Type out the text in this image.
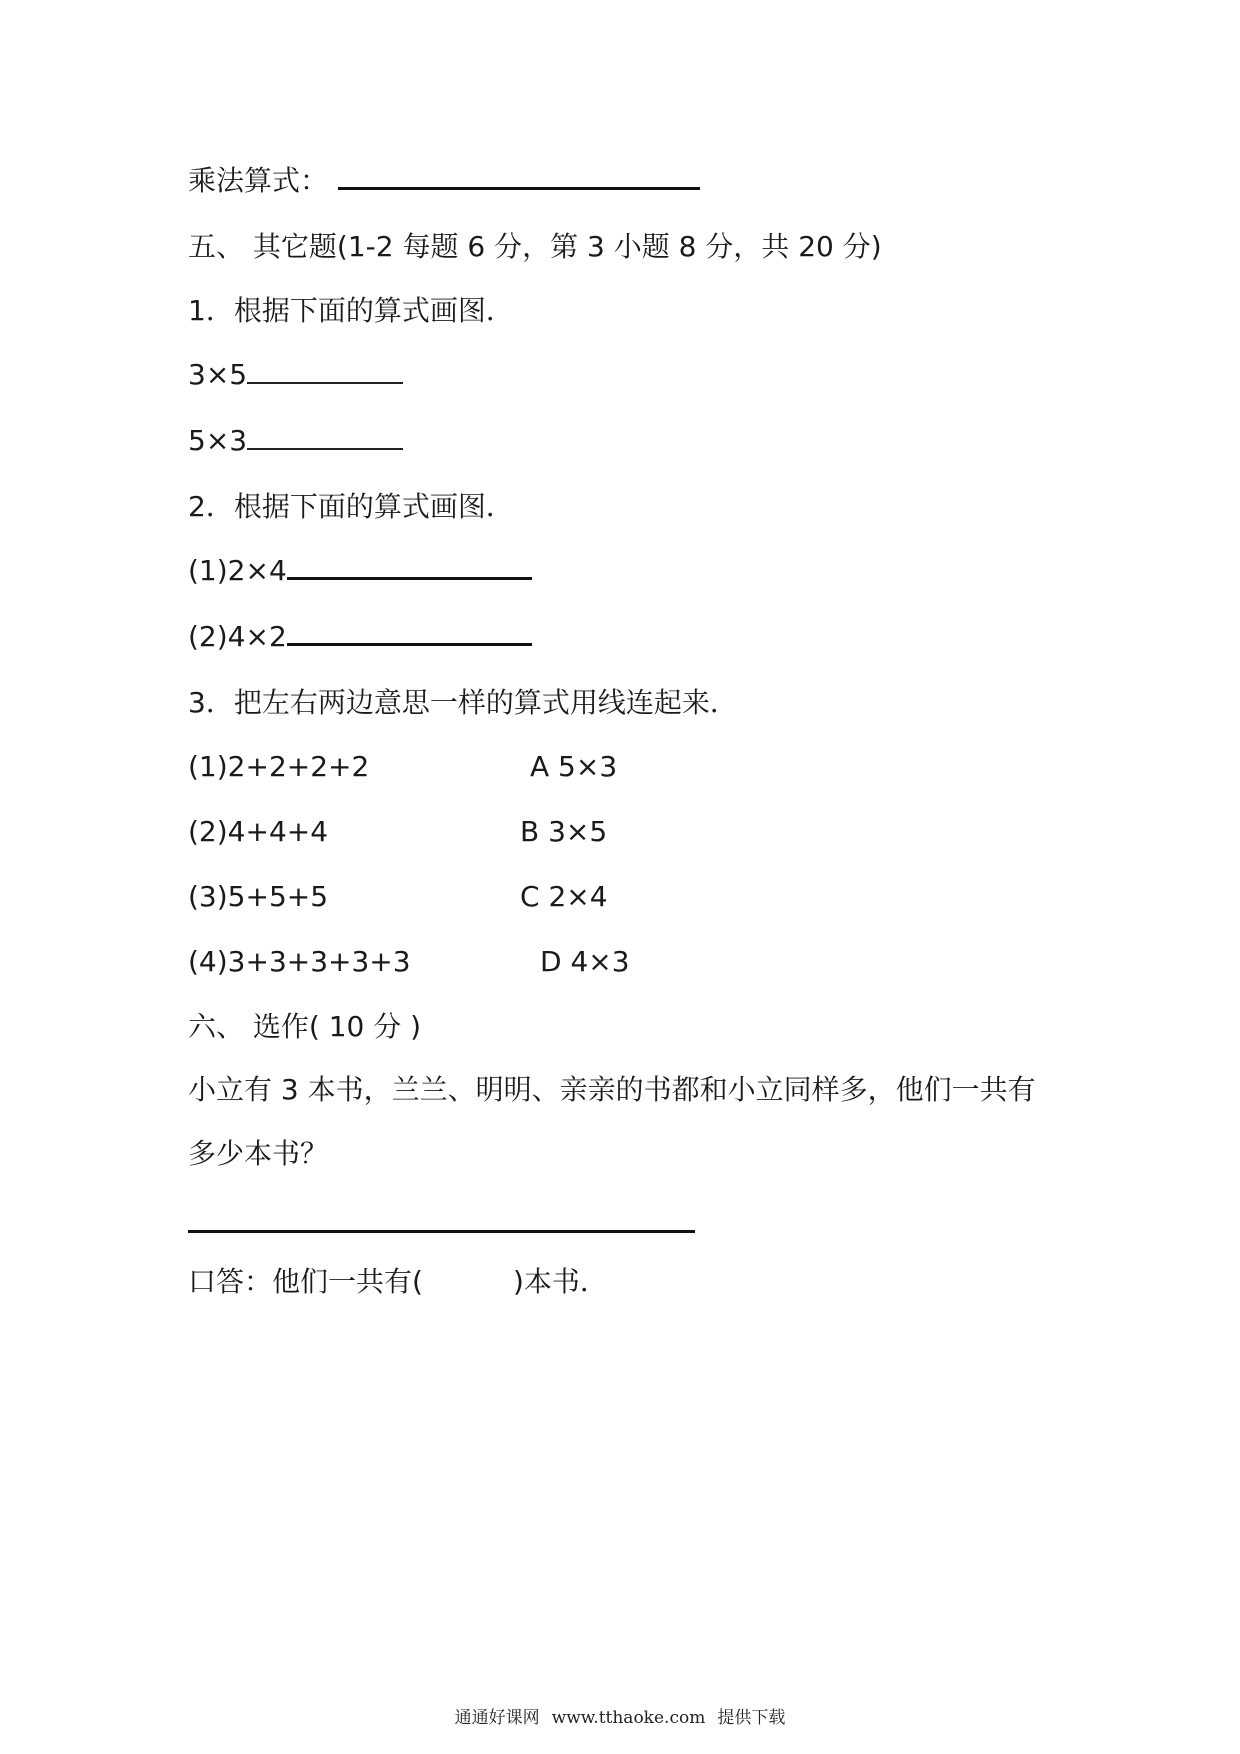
乘法算式：
五、 其它题(1-2 每题 6 分，第 3 小题 8 分，共 20 分)
1．根据下面的算式画图．
3×5
5×3
2．根据下面的算式画图．
(1)2×4
(2)4×2
3．把左右两边意思一样的算式用线连起来．
(1)2+2+2+2	A 5×3
(2)4+4+4	B 3×5
(3)5+5+5	C 2×4
(4)3+3+3+3+3	D 4×3
六、 选作( 10 分 )
小立有 3 本书，兰兰、明明、亲亲的书都和小立同样多，他们一共有
多少本书？
口答：他们一共有(	)本书．
通通好课网 www.tthaoke.com 提供下载
